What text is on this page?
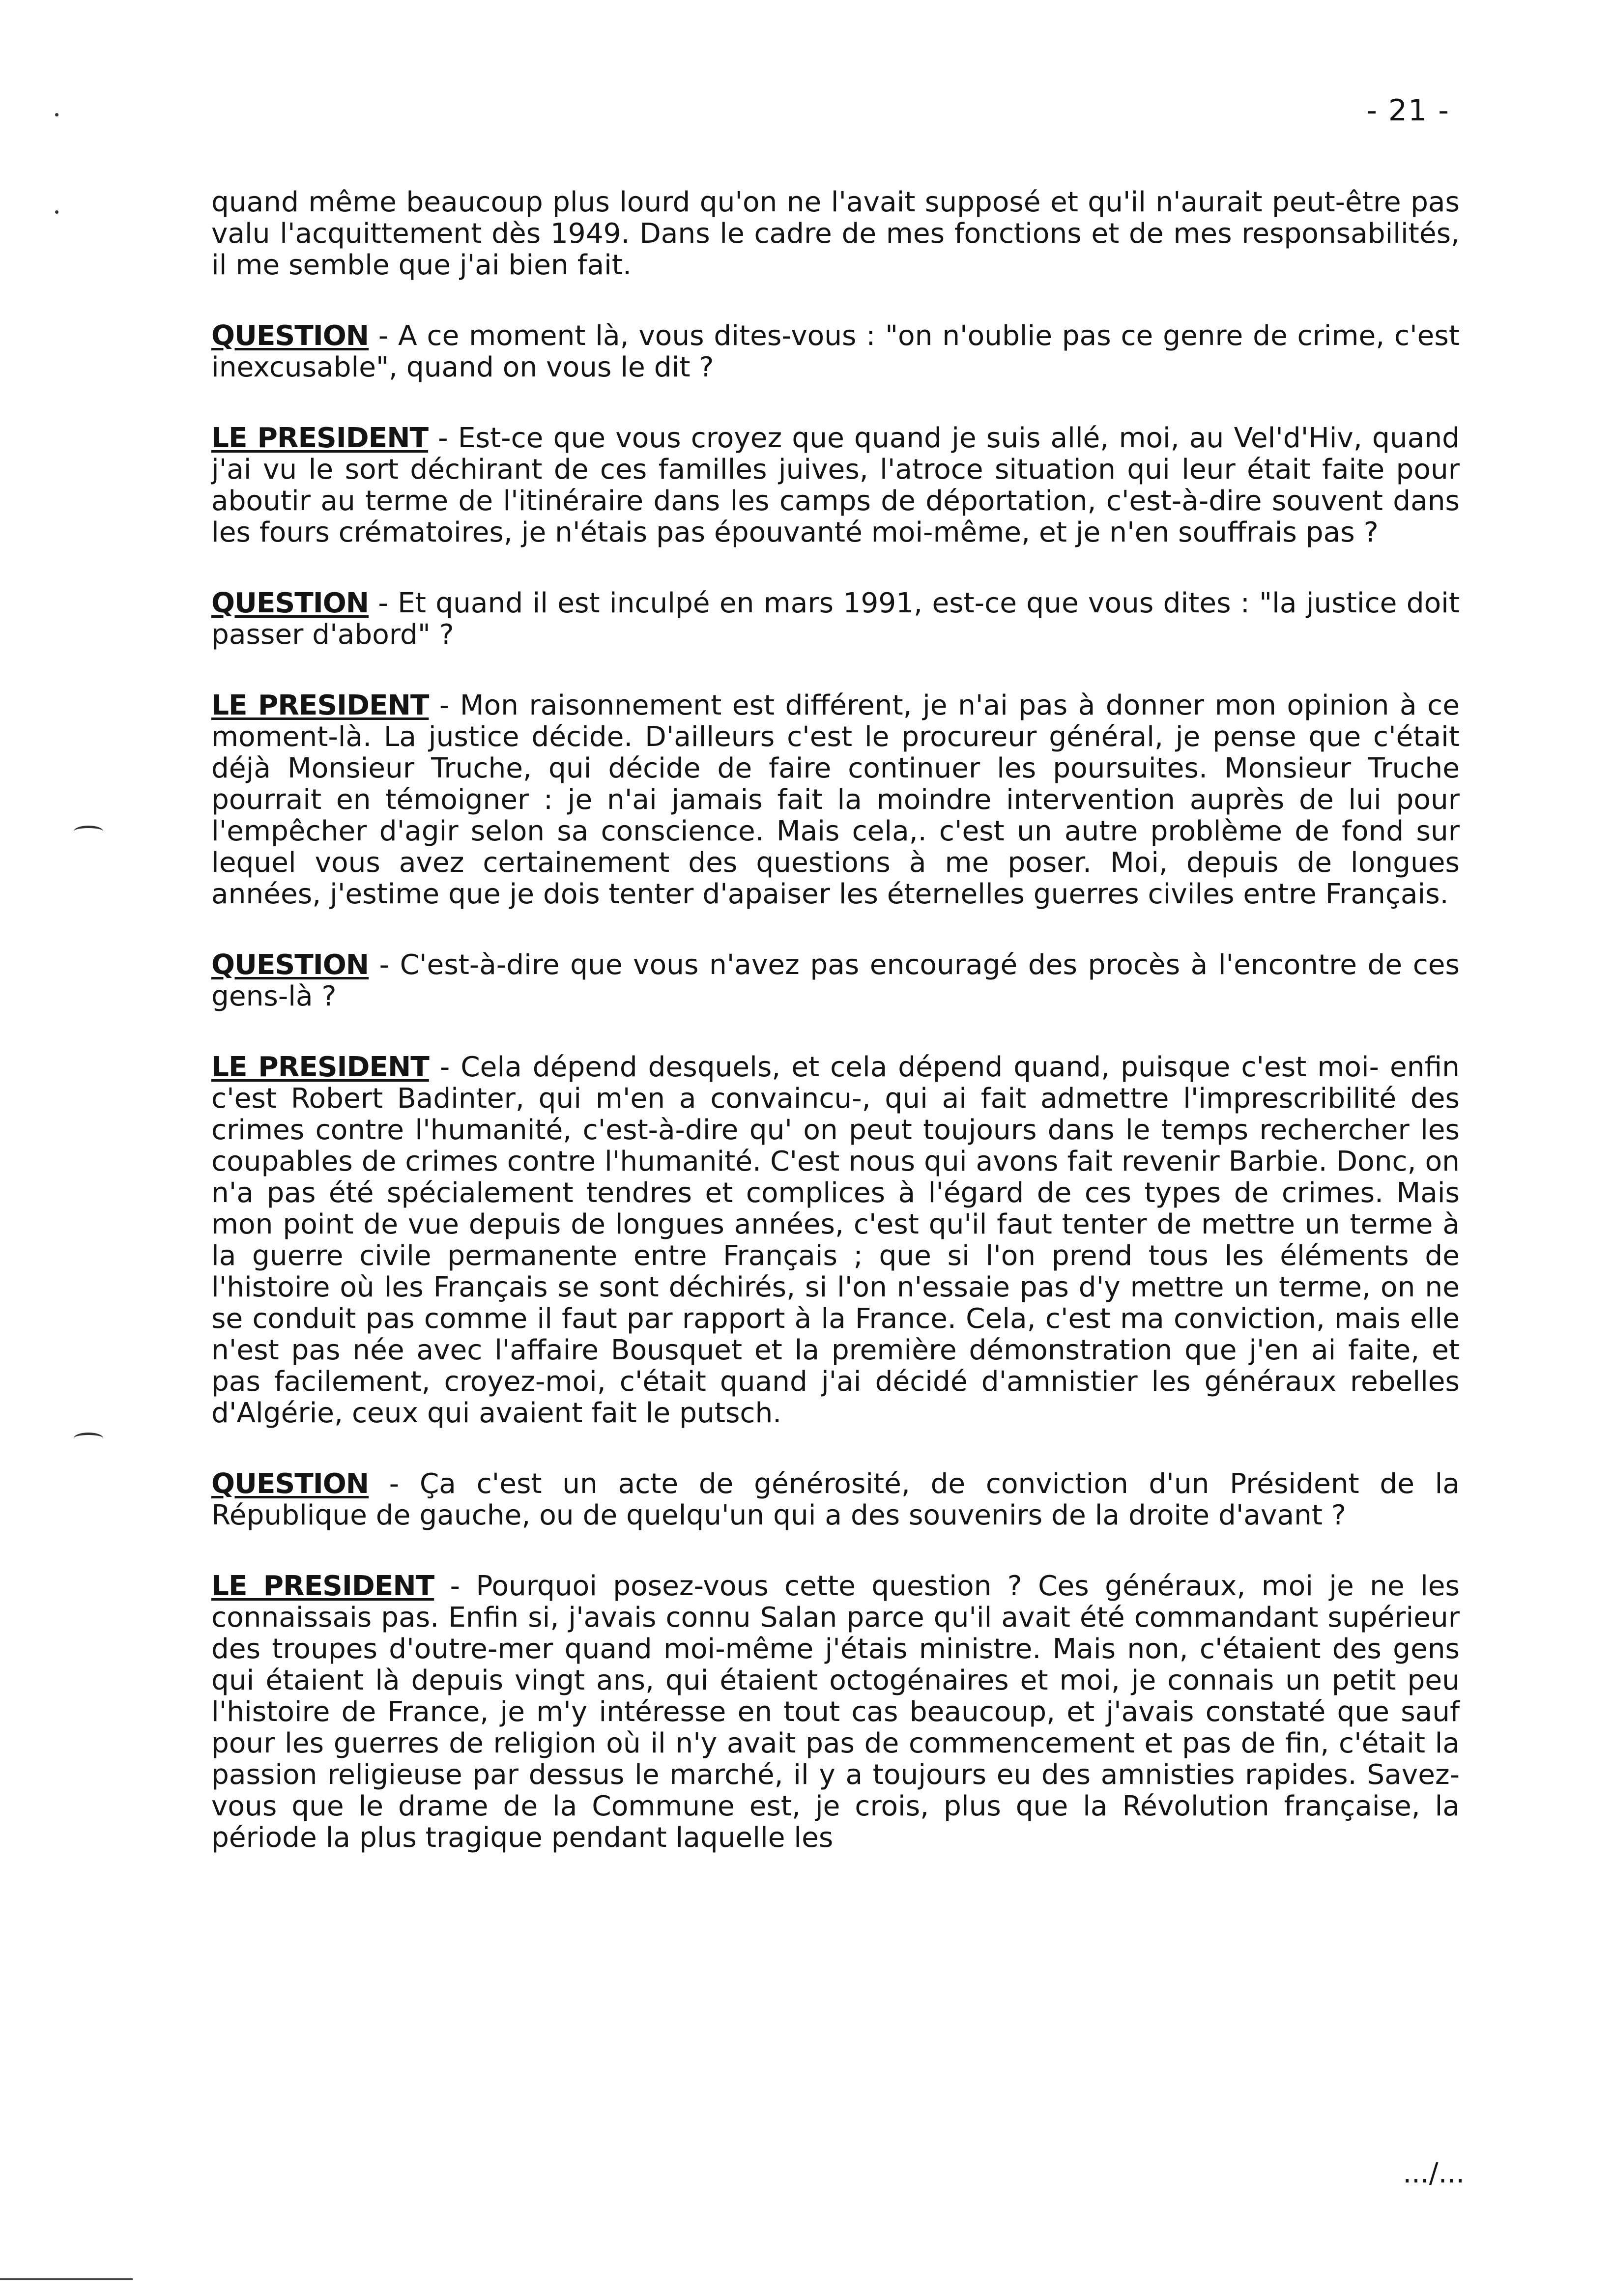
- 21 -

quand même beaucoup plus lourd qu'on ne l'avait supposé et qu'il n'aurait peut-être pas valu l'acquittement dès 1949. Dans le cadre de mes fonctions et de mes responsabilités, il me semble que j'ai bien fait.

QUESTION - A ce moment là, vous dites-vous : "on n'oublie pas ce genre de crime, c'est inexcusable", quand on vous le dit ?

LE PRESIDENT - Est-ce que vous croyez que quand je suis allé, moi, au Vel'd'Hiv, quand j'ai vu le sort déchirant de ces familles juives, l'atroce situation qui leur était faite pour aboutir au terme de l'itinéraire dans les camps de déportation, c'est-à-dire souvent dans les fours crématoires, je n'étais pas épouvanté moi-même, et je n'en souffrais pas ?

QUESTION - Et quand il est inculpé en mars 1991, est-ce que vous dites : "la justice doit passer d'abord" ?

LE PRESIDENT - Mon raisonnement est différent, je n'ai pas à donner mon opinion à ce moment-là. La justice décide. D'ailleurs c'est le procureur général, je pense que c'était déjà Monsieur Truche, qui décide de faire continuer les poursuites. Monsieur Truche pourrait en témoigner : je n'ai jamais fait la moindre intervention auprès de lui pour l'empêcher d'agir selon sa conscience. Mais cela,. c'est un autre problème de fond sur lequel vous avez certainement des questions à me poser. Moi, depuis de longues années, j'estime que je dois tenter d'apaiser les éternelles guerres civiles entre Français.

QUESTION - C'est-à-dire que vous n'avez pas encouragé des procès à l'encontre de ces gens-là ?

LE PRESIDENT - Cela dépend desquels, et cela dépend quand, puisque c'est moi- enfin c'est Robert Badinter, qui m'en a convaincu-, qui ai fait admettre l'imprescribilité des crimes contre l'humanité, c'est-à-dire qu' on peut toujours dans le temps rechercher les coupables de crimes contre l'humanité. C'est nous qui avons fait revenir Barbie. Donc, on n'a pas été spécialement tendres et complices à l'égard de ces types de crimes. Mais mon point de vue depuis de longues années, c'est qu'il faut tenter de mettre un terme à la guerre civile permanente entre Français ; que si l'on prend tous les éléments de l'histoire où les Français se sont déchirés, si l'on n'essaie pas d'y mettre un terme, on ne se conduit pas comme il faut par rapport à la France. Cela, c'est ma conviction, mais elle n'est pas née avec l'affaire Bousquet et la première démonstration que j'en ai faite, et pas facilement, croyez-moi, c'était quand j'ai décidé d'amnistier les généraux rebelles d'Algérie, ceux qui avaient fait le putsch.

QUESTION - Ça c'est un acte de générosité, de conviction d'un Président de la République de gauche, ou de quelqu'un qui a des souvenirs de la droite d'avant ?

LE PRESIDENT - Pourquoi posez-vous cette question ? Ces généraux, moi je ne les connaissais pas. Enfin si, j'avais connu Salan parce qu'il avait été commandant supérieur des troupes d'outre-mer quand moi-même j'étais ministre. Mais non, c'étaient des gens qui étaient là depuis vingt ans, qui étaient octogénaires et moi, je connais un petit peu l'histoire de France, je m'y intéresse en tout cas beaucoup, et j'avais constaté que sauf pour les guerres de religion où il n'y avait pas de commencement et pas de fin, c'était la passion religieuse par dessus le marché, il y a toujours eu des amnisties rapides. Savez-vous que le drame de la Commune est, je crois, plus que la Révolution française, la période la plus tragique pendant laquelle les

.../...
